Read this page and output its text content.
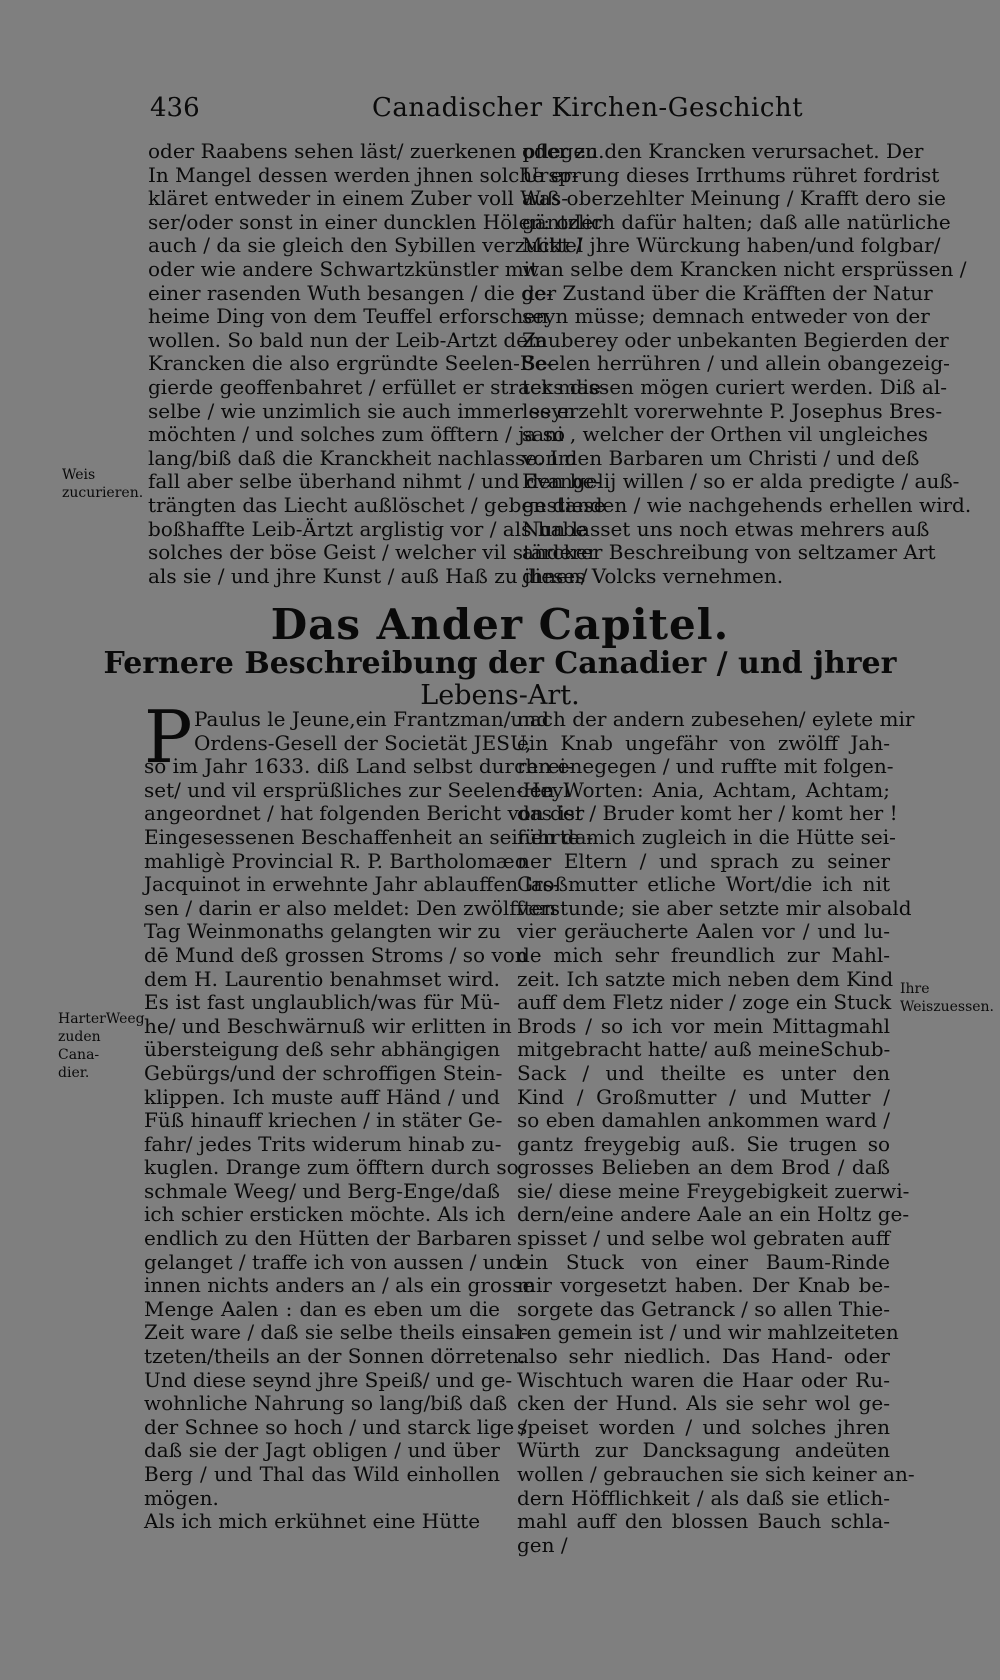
436	Canadischer Kirchen-Geschicht
oder Raabens sehen läst/ zuerkenen pflegen.
In Mangel dessen werden jhnen solche er-
kläret entweder in einem Zuber voll Was-
ser/oder sonst in einer duncklen Hölen: oder
auch / da sie gleich den Sybillen verzuckt /
oder wie andere Schwartzkünstler mit
einer rasenden Wuth besangen / die ge-
heime Ding von dem Teuffel erforschen
wollen. So bald nun der Leib-Artzt dem
Krancken die also ergründte Seelen-Be-
gierde geoffenbahret / erfüllet er stracks die-
selbe / wie unzimlich sie auch immer seyn
möchten / und solches zum öfftern / ja so
lang/biß daß die Kranckheit nachlasse. Im
fall aber selbe überhand nihmt / und den be-
trängten das Liecht außlöschet / geben diese
boßhaffte Leib-Ärtzt arglistig vor / als habe
solches der böse Geist / welcher vil stärcker
als sie / und jhre Kunst / auß Haß zu jhnen/
oder zu den Krancken verursachet. Der
Ursprung dieses Irrthums rühret fordrist
auß oberzehlter Meinung / Krafft dero sie
gäntzlich dafür halten; daß alle natürliche
Mittel jhre Würckung haben/und folgbar/
wan selbe dem Krancken nicht ersprüssen /
der Zustand über die Kräfften der Natur
seyn müsse; demnach entweder von der
Zauberey oder unbekanten Begierden der
Seelen herrühren / und allein obangezeig-
ter massen mögen curiert werden. Diß al-
les erzehlt vorerwehnte P. Josephus Bres-
sani , welcher der Orthen vil ungleiches
von den Barbaren um Christi / und deß
Evangelij willen / so er alda predigte / auß-
gestanden / wie nachgehends erhellen wird.
Nun lasset uns noch etwas mehrers auß
anderer Beschreibung von seltzamer Art
dieses Volcks vernehmen.
Weis zucurieren.
Das Ander Capitel.
Fernere Beschreibung der Canadier / und jhrer
Lebens-Art.
P Paulus le Jeune,ein Frantzman/und
Ordens-Gesell der Societät JESU,
so im Jahr 1633. diß Land selbst durchrei-
set/ und vil ersprüßliches zur Seelen-Heyl
angeordnet / hat folgenden Bericht von der
Eingesessenen Beschaffenheit an seinen da-
mahligè Provincial R. P. Bartholomæo
Jacquinot in erwehnte Jahr ablauffen las-
sen / darin er also meldet: Den zwölfften
Tag Weinmonaths gelangten wir zu
dē Mund deß grossen Stroms / so von
dem H. Laurentio benahmset wird.
Es ist fast unglaublich/was für Mü-
he/ und Beschwärnuß wir erlitten in
übersteigung deß sehr abhängigen
Gebürgs/und der schroffigen Stein-
klippen. Ich muste auff Händ / und
Füß hinauff kriechen / in stäter Ge-
fahr/ jedes Trits widerum hinab zu-
kuglen. Drange zum öfftern durch so
schmale Weeg/ und Berg-Enge/daß
ich schier ersticken möchte. Als ich
endlich zu den Hütten der Barbaren
gelanget / traffe ich von aussen / und
innen nichts anders an / als ein grosse
Menge Aalen : dan es eben um die
Zeit ware / daß sie selbe theils einsal-
tzeten/theils an der Sonnen dörreten.
Und diese seynd jhre Speiß/ und ge-
wohnliche Nahrung so lang/biß daß
der Schnee so hoch / und starck lige /
daß sie der Jagt obligen / und über
Berg / und Thal das Wild einhollen
mögen.
Als ich mich erkühnet eine Hütte
nach der andern zubesehen/ eylete mir
ein Knab ungefähr von zwölff Jah-
ren enegegen / und ruffte mit folgen-
den Worten: Ania, Achtam, Achtam;
das ist / Bruder komt her / komt her !
führte mich zugleich in die Hütte sei-
ner Eltern / und sprach zu seiner
Großmutter etliche Wort/die ich nit
verstunde; sie aber setzte mir alsobald
vier geräucherte Aalen vor / und lu-
de mich sehr freundlich zur Mahl-
zeit. Ich satzte mich neben dem Kind
auff dem Fletz nider / zoge ein Stuck
Brods / so ich vor mein Mittagmahl
mitgebracht hatte/ auß meineSchub-
Sack / und theilte es unter den
Kind / Großmutter / und Mutter /
so eben damahlen ankommen ward /
gantz freygebig auß. Sie trugen so
grosses Belieben an dem Brod / daß
sie/ diese meine Freygebigkeit zuerwi-
dern/eine andere Aale an ein Holtz ge-
spisset / und selbe wol gebraten auff
ein Stuck von einer Baum-Rinde
mir vorgesetzt haben. Der Knab be-
sorgete das Getranck / so allen Thie-
ren gemein ist / und wir mahlzeiteten
also sehr niedlich. Das Hand- oder
Wischtuch waren die Haar oder Ru-
cken der Hund. Als sie sehr wol ge-
speiset worden / und solches jhren
Würth zur Dancksagung andeüten
wollen / gebrauchen sie sich keiner an-
dern Höfflichkeit / als daß sie etlich-
mahl auff den blossen Bauch schla-
gen /
HarterWeeg zuden Cana-dier.
Ihre Weiszuessen.
